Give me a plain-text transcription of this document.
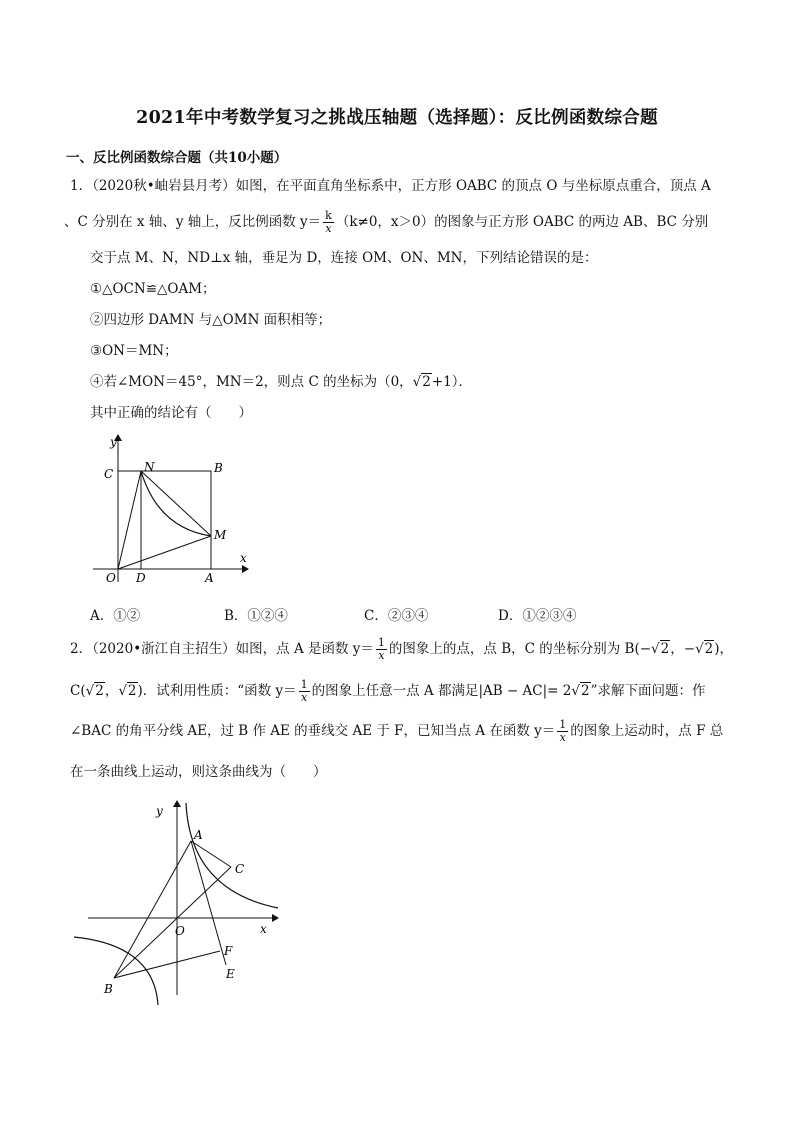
2021年中考数学复习之挑战压轴题（选择题）：反比例函数综合题
一、反比例函数综合题（共10小题）
1．（2020秋•岫岩县月考）如图，在平面直角坐标系中，正方形 OABC 的顶点 O 与坐标原点重合，顶点 A
、C 分别在 x 轴、y 轴上，反比例函数 $y= \frac{k}{x} (k\ne 0$，x＞0）的图象与正方形 OABC 的两边 AB、BC 分别
交于点 M、N，ND⊥x 轴，垂足为 D，连接 OM、ON、MN，下列结论错误的是：
①△OCN≌△OAM；
②四边形 DAMN 与△OMN 面积相等；
③ON＝MN；
④若∠MON＝45°，MN＝2，则点 C 的坐标为（0，√2+1）．
其中正确的结论有（　　）
y
x
C	N	B
M
O D	A
A．①②	B．①②④	C．②③④	D．①②③④
2．（2020•浙江自主招生）如图，点 A 是函数 $y= \frac{1}{x}$ 的图象上的点，点 B，C 的坐标分别为 B(−√2，−√2)，
C(√2，√2)．试利用性质：“函数 $y= \frac{1}{x}$ 的图象上任意一点 A 都满足|AB − AC|= 2√2”求解下面问题：作
∠BAC 的角平分线 AE，过 B 作 AE 的垂线交 AE 于 F，已知当点 A 在函数 $y= \frac{1}{x}$ 的图象上运动时，点 F 总
在一条曲线上运动，则这条曲线为（　　）
y
x
A
C
O
F
E
B
